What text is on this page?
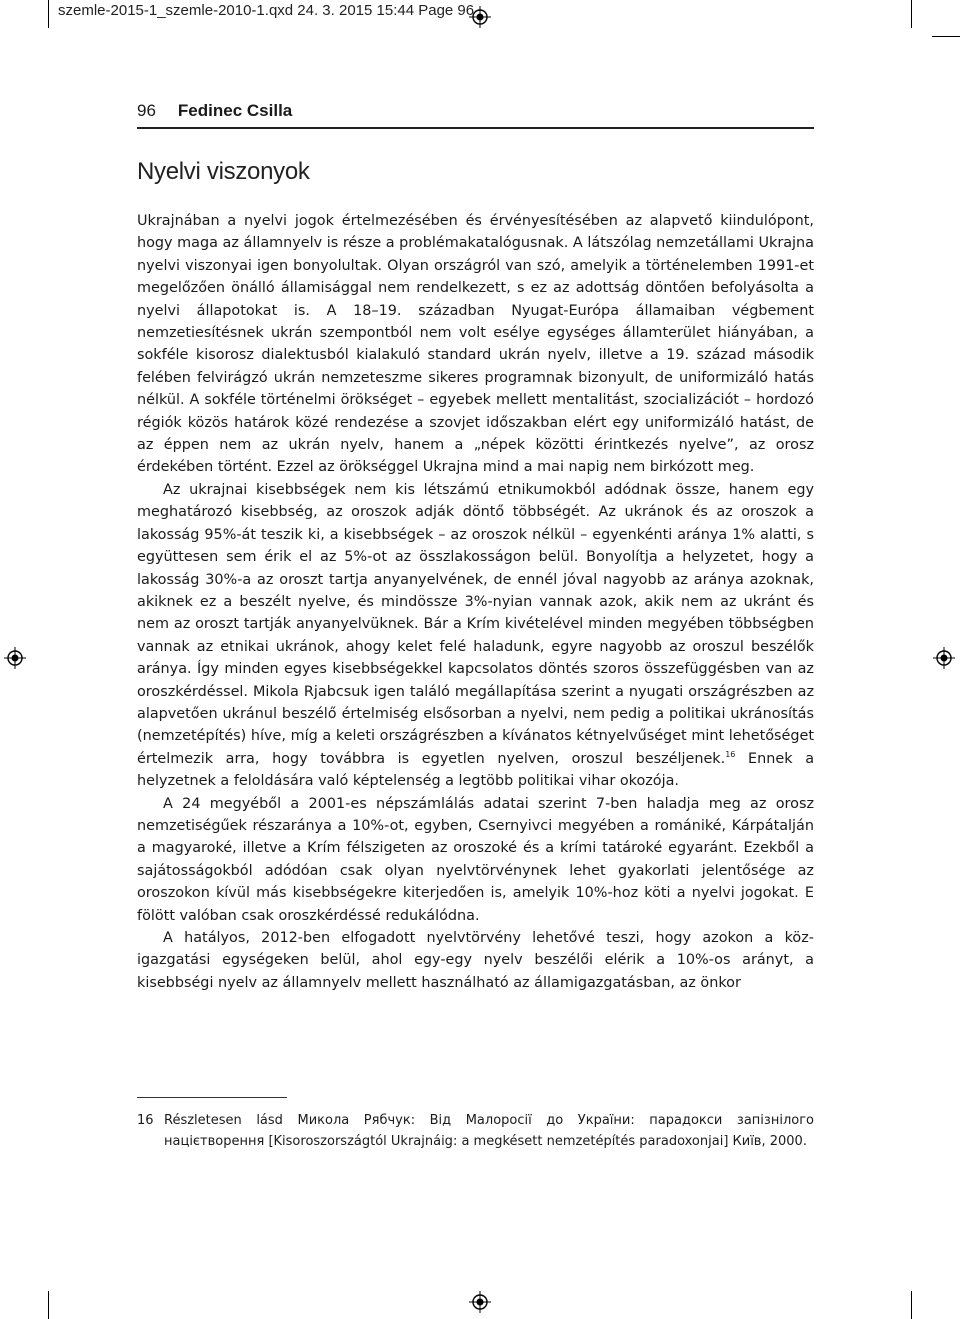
szemle-2015-1_szemle-2010-1.qxd 24. 3. 2015 15:44 Page 96
96 Fedinec Csilla
Nyelvi viszonyok

Ukrajnában a nyelvi jogok értelmezésében és érvényesítésében az alapvető kiindulópont, hogy maga az államnyelv is része a problémakatalógusnak. A látszólag nemzetállami Ukrajna nyelvi viszonyai igen bonyolultak. Olyan országról van szó, amelyik a történelemben 1991-et megelőzően önálló államisággal nem rendelkezett, s ez az adottság döntően befolyásolta a nyelvi állapotokat is. A 18–19. században Nyugat-Európa államaiban végbement nemzetiesítésnek ukrán szempontból nem volt esélye egységes államterület hiányában, a sokféle kisorosz dialektusból kialakuló standard ukrán nyelv, illetve a 19. század második felében felvirágzó ukrán nemzeteszme sikeres programnak bizonyult, de uniformizáló hatás nélkül. A sokféle történelmi örökséget – egyebek mellett mentalitást, szocializációt – hordozó régiók közös határok közé rendezése a szovjet időszakban elért egy uniformizáló hatást, de az éppen nem az ukrán nyelv, hanem a „népek közötti érintkezés nyelve”, az orosz érdekében történt. Ezzel az örökséggel Ukrajna mind a mai napig nem birkózott meg.

Az ukrajnai kisebbségek nem kis létszámú etnikumokból adódnak össze, hanem egy meghatározó kisebbség, az oroszok adják döntő többségét. Az ukránok és az oroszok a lakosság 95%-át teszik ki, a kisebbségek – az oroszok nélkül – egyenkénti aránya 1% alatti, s együttesen sem érik el az 5%-ot az összlakosságon belül. Bonyolítja a helyzetet, hogy a lakosság 30%-a az oroszt tartja anyanyelvének, de ennél jóval nagyobb az aránya azoknak, akiknek ez a beszélt nyelve, és mindössze 3%-nyian vannak azok, akik nem az ukránt és nem az oroszt tartják anyanyelvüknek. Bár a Krím kivételével minden megyében többségben vannak az etnikai ukránok, ahogy kelet felé haladunk, egyre nagyobb az oroszul beszélők aránya. Így minden egyes kisebbségekkel kapcsolatos döntés szoros összefüggésben van az oroszkérdéssel. Mikola Rjabcsuk igen találó megállapítása szerint a nyugati országrészben az alapvetően ukránul beszélő értelmiség elsősorban a nyelvi, nem pedig a politikai ukránosítás (nemzetépítés) híve, míg a keleti országrészben a kívánatos kétnyelvűséget mint lehetőséget értelmezik arra, hogy továbbra is egyetlen nyelven, oroszul beszéljenek.$^{16}$ Ennek a helyzetnek a feloldására való képtelenség a legtöbb politikai vihar okozója.

A 24 megyéből a 2001-es népszámlálás adatai szerint 7-ben haladja meg az orosz nemzetiségűek részaránya a 10%-ot, egyben, Csernyivci megyében a romániké, Kárpátalján a magyaroké, illetve a Krím félszigeten az oroszoké és a krími tatároké egyaránt. Ezekből a sajátosságokból adódóan csak olyan nyelvtörvénynek lehet gyakorlati jelentősége az oroszokon kívül más kisebbségekre kiterjedően is, amelyik 10%-hoz köti a nyelvi jogokat. E fölött valóban csak oroszkérdéssé redukálódna.

A hatályos, 2012-ben elfogadott nyelvtörvény lehetővé teszi, hogy azokon a közigazgatási egységeken belül, ahol egy-egy nyelv beszélői elérik a 10%-os arányt, a kisebbségi nyelv az államnyelv mellett használható az államigazgatásban, az önkor

16 Részletesen lásd Микола Рябчук: Від Малоросії до України: парадокси запізнілого націєтворення [Kisoroszországtól Ukrajnáig: a megkésett nemzetépítés paradoxonjai] Київ, 2000.
